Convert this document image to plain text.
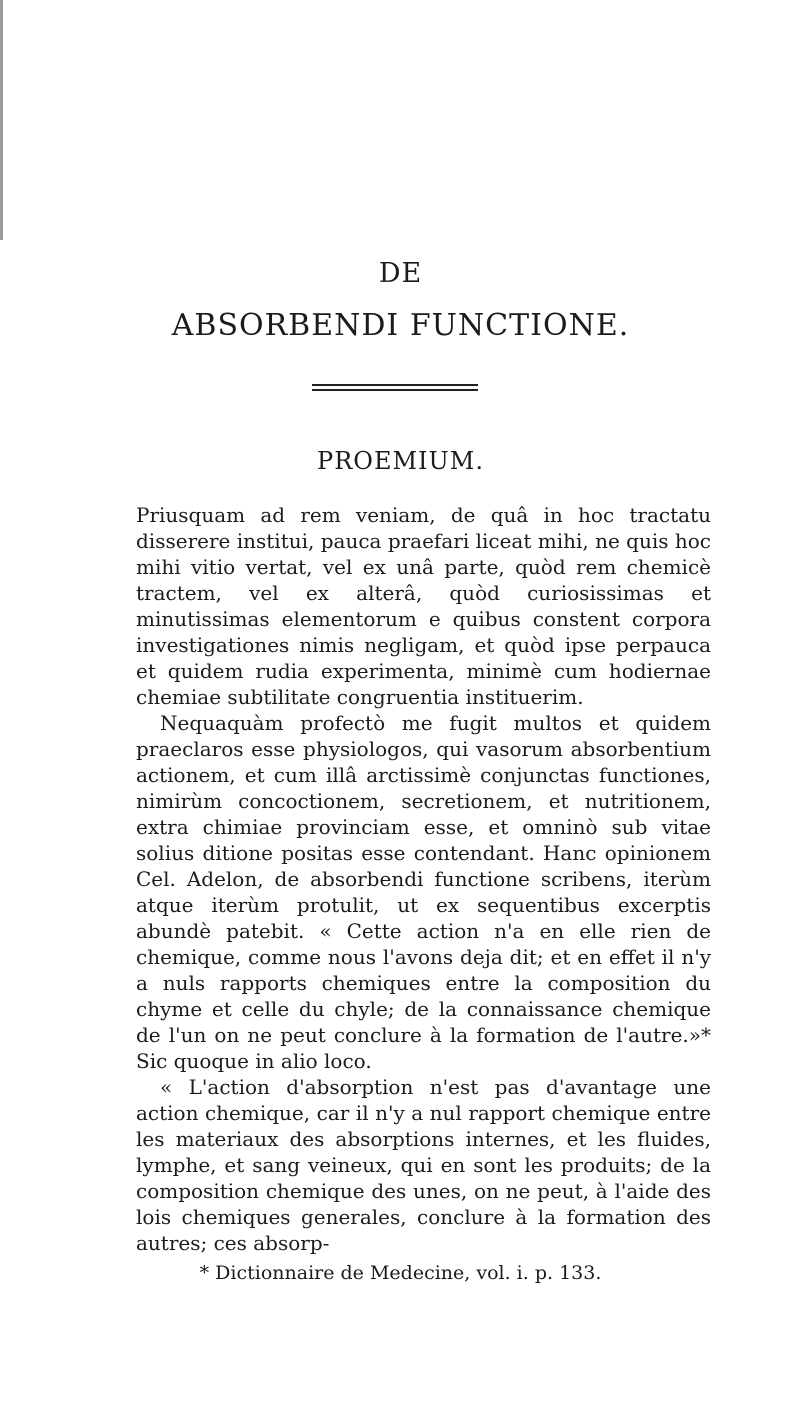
DE
ABSORBENDI FUNCTIONE.
PROEMIUM.

Priusquam ad rem veniam, de quâ in hoc tractatu disserere institui, pauca praefari liceat mihi, ne quis hoc mihi vitio vertat, vel ex unâ parte, quòd rem chemicè tractem, vel ex alterâ, quòd curiosissimas et minutissimas elementorum e quibus constent corpora investigationes nimis negligam, et quòd ipse perpauca et quidem rudia experimenta, minimè cum hodiernae chemiae subtilitate congruentia instituerim.

Nequaquàm profectò me fugit multos et quidem praeclaros esse physiologos, qui vasorum absorbentium actionem, et cum illâ arctissimè conjunctas functiones, nimirùm concoctionem, secretionem, et nutritionem, extra chimiae provinciam esse, et omninò sub vitae solius ditione positas esse contendant. Hanc opinionem Cel. Adelon, de absorbendi functione scribens, iterùm atque iterùm protulit, ut ex sequentibus excerptis abundè patebit. « Cette action n'a en elle rien de chemique, comme nous l'avons deja dit; et en effet il n'y a nuls rapports chemiques entre la composition du chyme et celle du chyle; de la connaissance chemique de l'un on ne peut conclure à la formation de l'autre.»* Sic quoque in alio loco.

« L'action d'absorption n'est pas d'avantage une action chemique, car il n'y a nul rapport chemique entre les materiaux des absorptions internes, et les fluides, lymphe, et sang veineux, qui en sont les produits; de la composition chemique des unes, on ne peut, à l'aide des lois chemiques generales, conclure à la formation des autres; ces absorp-

* Dictionnaire de Medecine, vol. i. p. 133.
